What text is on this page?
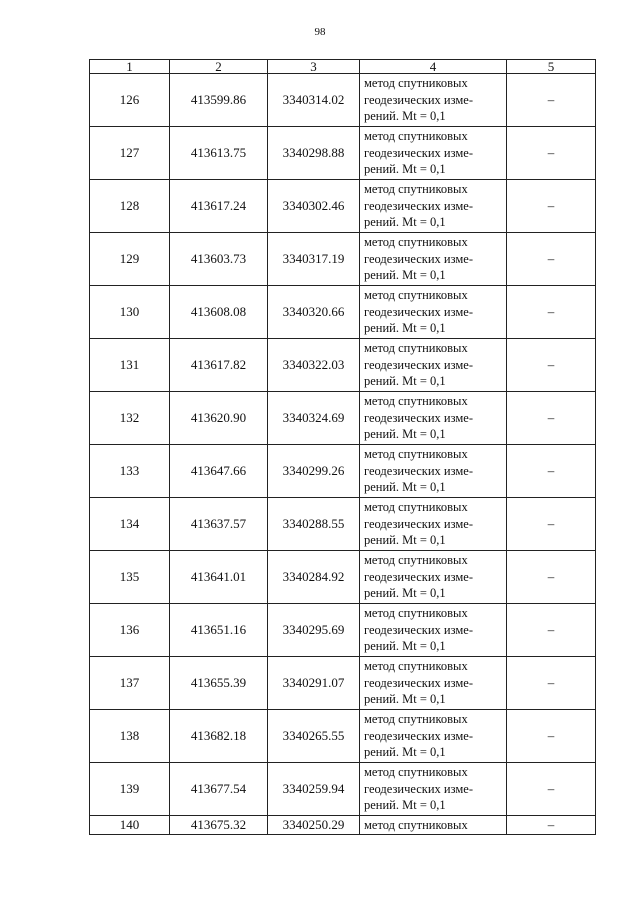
98
1	2	3	4	5
126	413599.86	3340314.02	метод спутниковых
геодезических изме-
рений. Mt = 0,1	–
127	413613.75	3340298.88	метод спутниковых
геодезических изме-
рений. Mt = 0,1	–
128	413617.24	3340302.46	метод спутниковых
геодезических изме-
рений. Mt = 0,1	–
129	413603.73	3340317.19	метод спутниковых
геодезических изме-
рений. Mt = 0,1	–
130	413608.08	3340320.66	метод спутниковых
геодезических изме-
рений. Mt = 0,1	–
131	413617.82	3340322.03	метод спутниковых
геодезических изме-
рений. Mt = 0,1	–
132	413620.90	3340324.69	метод спутниковых
геодезических изме-
рений. Mt = 0,1	–
133	413647.66	3340299.26	метод спутниковых
геодезических изме-
рений. Mt = 0,1	–
134	413637.57	3340288.55	метод спутниковых
геодезических изме-
рений. Mt = 0,1	–
135	413641.01	3340284.92	метод спутниковых
геодезических изме-
рений. Mt = 0,1	–
136	413651.16	3340295.69	метод спутниковых
геодезических изме-
рений. Mt = 0,1	–
137	413655.39	3340291.07	метод спутниковых
геодезических изме-
рений. Mt = 0,1	–
138	413682.18	3340265.55	метод спутниковых
геодезических изме-
рений. Mt = 0,1	–
139	413677.54	3340259.94	метод спутниковых
геодезических изме-
рений. Mt = 0,1	–
140	413675.32	3340250.29	метод спутниковых	–
